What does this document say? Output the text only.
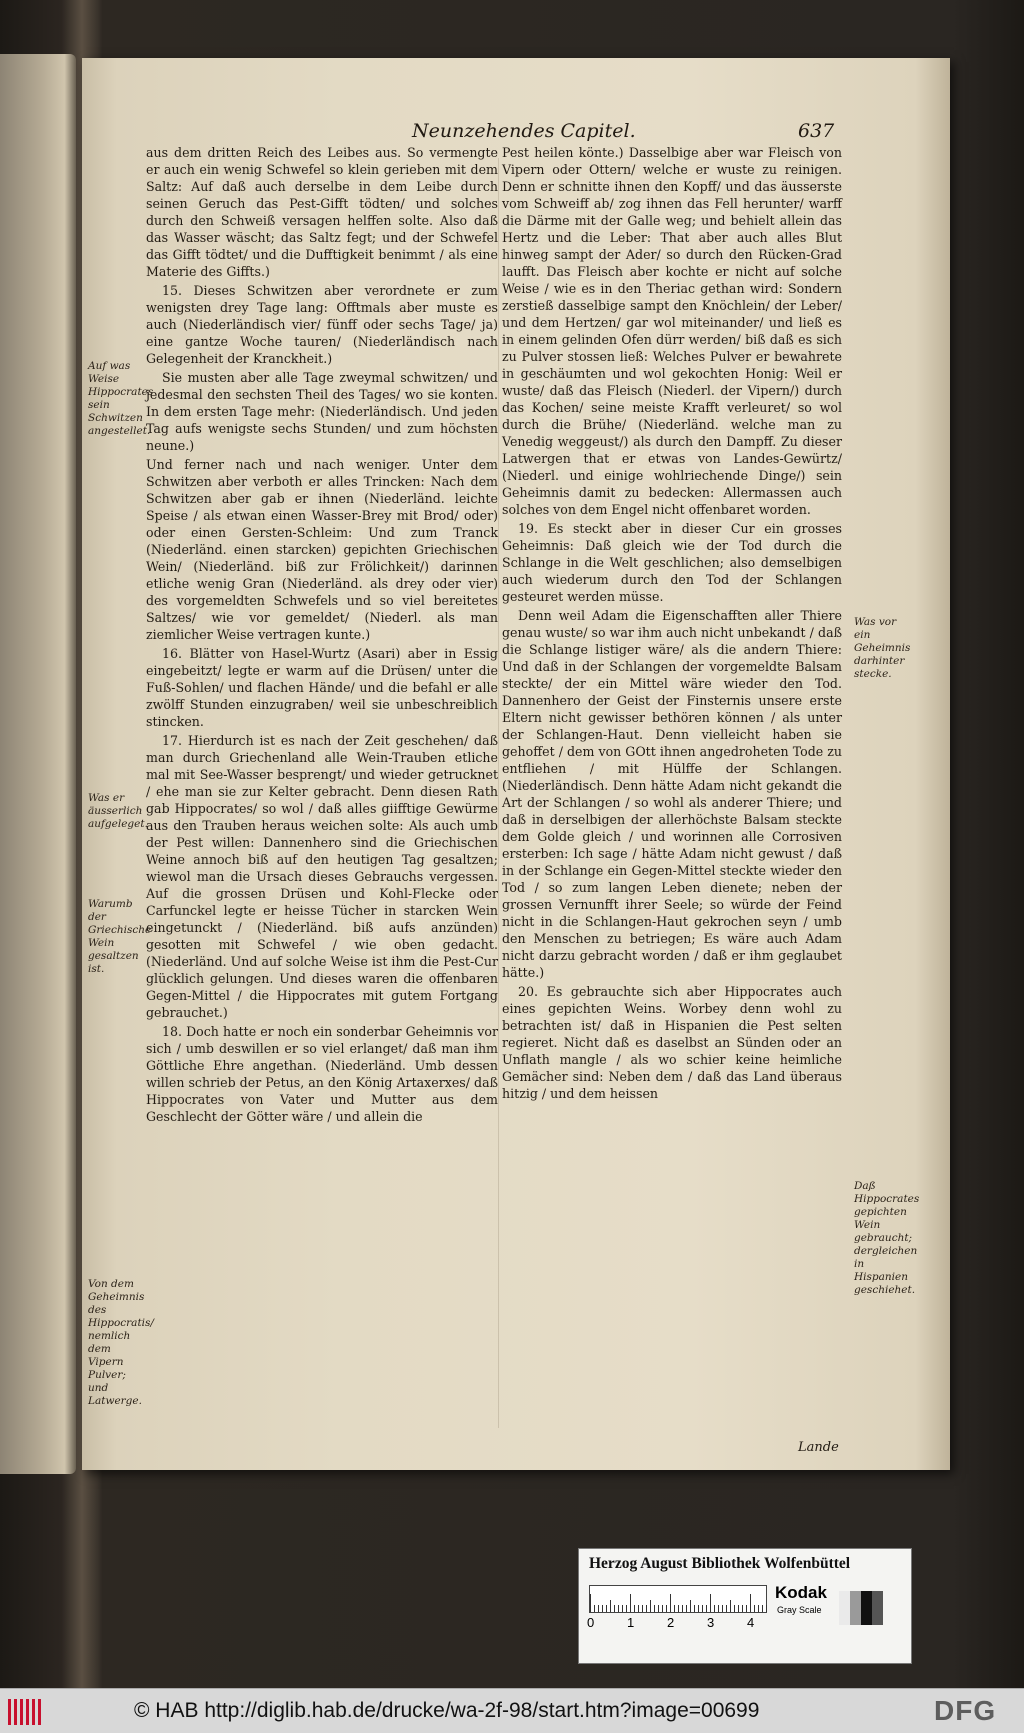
Neunzehendes Capitel.	637

aus dem dritten Reich des Leibes aus. So vermengte er auch ein wenig Schwefel so klein gerieben mit dem Saltz: Auf daß auch derselbe in dem Leibe durch seinen Geruch das Pest-Gifft tödten/ und solches durch den Schweiß versagen helffen solte. Also daß das Wasser wäscht; das Saltz fegt; und der Schwefel das Gifft tödtet/ und die Dufftigkeit benimmt / als eine Materie des Giffts.)

15. Dieses Schwitzen aber verordnete er zum wenigsten drey Tage lang: Offtmals aber muste es auch (Niederländisch vier/ fünff oder sechs Tage/ ja) eine gantze Woche tauren/ (Niederländisch nach Gelegenheit der Kranckheit.)

Sie musten aber alle Tage zweymal schwitzen/ und jedesmal den sechsten Theil des Tages/ wo sie konten. In dem ersten Tage mehr: (Niederländisch. Und jeden Tag aufs wenigste sechs Stunden/ und zum höchsten neune.)

Und ferner nach und nach weniger. Unter dem Schwitzen aber verboth er alles Trincken: Nach dem Schwitzen aber gab er ihnen (Niederländ. leichte Speise / als etwan einen Wasser-Brey mit Brod/ oder) oder einen Gersten-Schleim: Und zum Tranck (Niederländ. einen starcken) gepichten Griechischen Wein/ (Niederländ. biß zur Frölichkeit/) darinnen etliche wenig Gran (Niederländ. als drey oder vier) des vorgemeldten Schwefels und so viel bereitetes Saltzes/ wie vor gemeldet/ (Niederl. als man ziemlicher Weise vertragen kunte.)

16. Blätter von Hasel-Wurtz (Asari) aber in Essig eingebeitzt/ legte er warm auf die Drüsen/ unter die Fuß-Sohlen/ und flachen Hände/ und die befahl er alle zwölff Stunden einzugraben/ weil sie unbeschreiblich stincken.

17. Hierdurch ist es nach der Zeit geschehen/ daß man durch Griechenland alle Wein-Trauben etliche mal mit See-Wasser besprengt/ und wieder getrucknet / ehe man sie zur Kelter gebracht. Denn diesen Rath gab Hippocrates/ so wol / daß alles giifftige Gewürme aus den Trauben heraus weichen solte: Als auch umb der Pest willen: Dannenhero sind die Griechischen Weine annoch biß auf den heutigen Tag gesaltzen; wiewol man die Ursach dieses Gebrauchs vergessen. Auf die grossen Drüsen und Kohl-Flecke oder Carfunckel legte er heisse Tücher in starcken Wein eingetunckt / (Niederländ. biß aufs anzünden) gesotten mit Schwefel / wie oben gedacht. (Niederländ. Und auf solche Weise ist ihm die Pest-Cur glücklich gelungen. Und dieses waren die offenbaren Gegen-Mittel / die Hippocrates mit gutem Fortgang gebrauchet.)

18. Doch hatte er noch ein sonderbar Geheimnis vor sich / umb deswillen er so viel erlanget/ daß man ihm Göttliche Ehre angethan. (Niederländ. Umb dessen willen schrieb der Petus, an den König Artaxerxes/ daß Hippocrates von Vater und Mutter aus dem Geschlecht der Götter wäre / und allein die

Pest heilen könte.) Dasselbige aber war Fleisch von Vipern oder Ottern/ welche er wuste zu reinigen. Denn er schnitte ihnen den Kopff/ und das äusserste vom Schweiff ab/ zog ihnen das Fell herunter/ warff die Därme mit der Galle weg; und behielt allein das Hertz und die Leber: That aber auch alles Blut hinweg sampt der Ader/ so durch den Rücken-Grad laufft. Das Fleisch aber kochte er nicht auf solche Weise / wie es in den Theriac gethan wird: Sondern zerstieß dasselbige sampt den Knöchlein/ der Leber/ und dem Hertzen/ gar wol miteinander/ und ließ es in einem gelinden Ofen dürr werden/ biß daß es sich zu Pulver stossen ließ: Welches Pulver er bewahrete in geschäumten und wol gekochten Honig: Weil er wuste/ daß das Fleisch (Niederl. der Vipern/) durch das Kochen/ seine meiste Krafft verleuret/ so wol durch die Brühe/ (Niederländ. welche man zu Venedig weggeust/) als durch den Dampff. Zu dieser Latwergen that er etwas von Landes-Gewürtz/ (Niederl. und einige wohlriechende Dinge/) sein Geheimnis damit zu bedecken: Allermassen auch solches von dem Engel nicht offenbaret worden.

19. Es steckt aber in dieser Cur ein grosses Geheimnis: Daß gleich wie der Tod durch die Schlange in die Welt geschlichen; also demselbigen auch wiederum durch den Tod der Schlangen gesteuret werden müsse.

Denn weil Adam die Eigenschafften aller Thiere genau wuste/ so war ihm auch nicht unbekandt / daß die Schlange listiger wäre/ als die andern Thiere: Und daß in der Schlangen der vorgemeldte Balsam steckte/ der ein Mittel wäre wieder den Tod. Dannenhero der Geist der Finsternis unsere erste Eltern nicht gewisser bethören können / als unter der Schlangen-Haut. Denn vielleicht haben sie gehoffet / dem von GOtt ihnen angedroheten Tode zu entfliehen / mit Hülffe der Schlangen. (Niederländisch. Denn hätte Adam nicht gekandt die Art der Schlangen / so wohl als anderer Thiere; und daß in derselbigen der allerhöchste Balsam steckte dem Golde gleich / und worinnen alle Corrosiven ersterben: Ich sage / hätte Adam nicht gewust / daß in der Schlange ein Gegen-Mittel steckte wieder den Tod / so zum langen Leben dienete; neben der grossen Vernunfft ihrer Seele; so würde der Feind nicht in die Schlangen-Haut gekrochen seyn / umb den Menschen zu betriegen; Es wäre auch Adam nicht darzu gebracht worden / daß er ihm geglaubet hätte.)

20. Es gebrauchte sich aber Hippocrates auch eines gepichten Weins. Worbey denn wohl zu betrachten ist/ daß in Hispanien die Pest selten regieret. Nicht daß es daselbst an Sünden oder an Unflath mangle / als wo schier keine heimliche Gemächer sind: Neben dem / daß das Land überaus hitzig / und dem heissen

Auf was Weise Hippocrates sein Schwitzen angestellet.
Was er äusserlich aufgeleget.
Warumb der Griechische Wein gesaltzen ist.
Von dem Geheimnis des Hippocratis/ nemlich dem Vipern Pulver; und Latwerge.
Was vor ein Geheimnis darhinter stecke.
Daß Hippocrates gepichten Wein gebraucht; dergleichen in Hispanien geschiehet.
Lande
Herzog August Bibliothek Wolfenbüttel
0	1	2	3	4
Kodak
Gray Scale
© HAB http://diglib.hab.de/drucke/wa-2f-98/start.htm?image=00699	DFG
